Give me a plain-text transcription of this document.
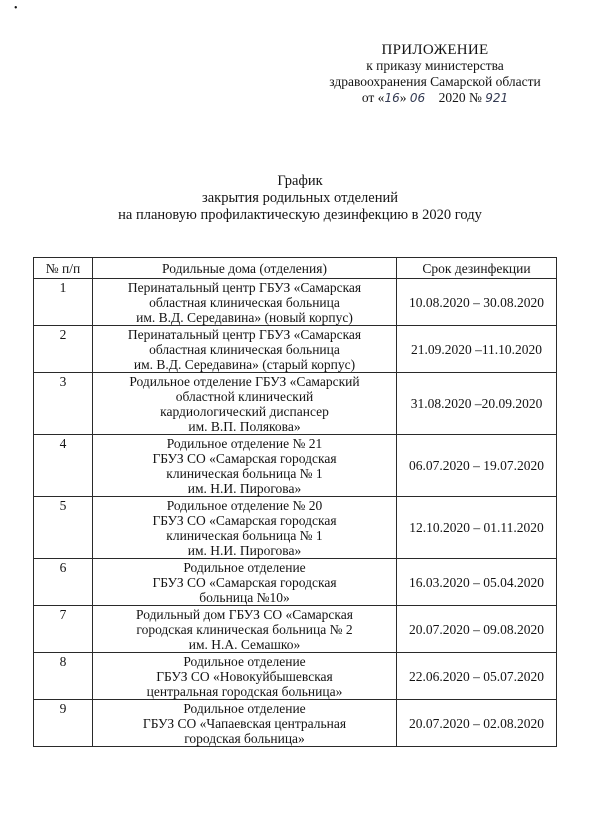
•
ПРИЛОЖЕНИЕ
к приказу министерства
здравоохранения Самарской области
от «16» 06 2020 № 921
График
закрытия родильных отделений
на плановую профилактическую дезинфекцию в 2020 году
№ п/п	Родильные дома (отделения)	Срок дезинфекции
1	Перинатальный центр ГБУЗ «Самарская
областная клиническая больница
им. В.Д. Середавина» (новый корпус)	10.08.2020 – 30.08.2020
2	Перинатальный центр ГБУЗ «Самарская
областная клиническая больница
им. В.Д. Середавина» (старый корпус)	21.09.2020 –11.10.2020
3	Родильное отделение ГБУЗ «Самарский
областной клинический
кардиологический диспансер
им. В.П. Полякова»	31.08.2020 –20.09.2020
4	Родильное отделение № 21
ГБУЗ СО «Самарская городская
клиническая больница № 1
им. Н.И. Пирогова»	06.07.2020 – 19.07.2020
5	Родильное отделение № 20
ГБУЗ СО «Самарская городская
клиническая больница № 1
им. Н.И. Пирогова»	12.10.2020 – 01.11.2020
6	Родильное отделение
ГБУЗ СО «Самарская городская
больница №10»	16.03.2020 – 05.04.2020
7	Родильный дом ГБУЗ СО «Самарская
городская клиническая больница № 2
им. Н.А. Семашко»	20.07.2020 – 09.08.2020
8	Родильное отделение
ГБУЗ СО «Новокуйбышевская
центральная городская больница»	22.06.2020 – 05.07.2020
9	Родильное отделение
ГБУЗ СО «Чапаевская центральная
городская больница»	20.07.2020 – 02.08.2020
